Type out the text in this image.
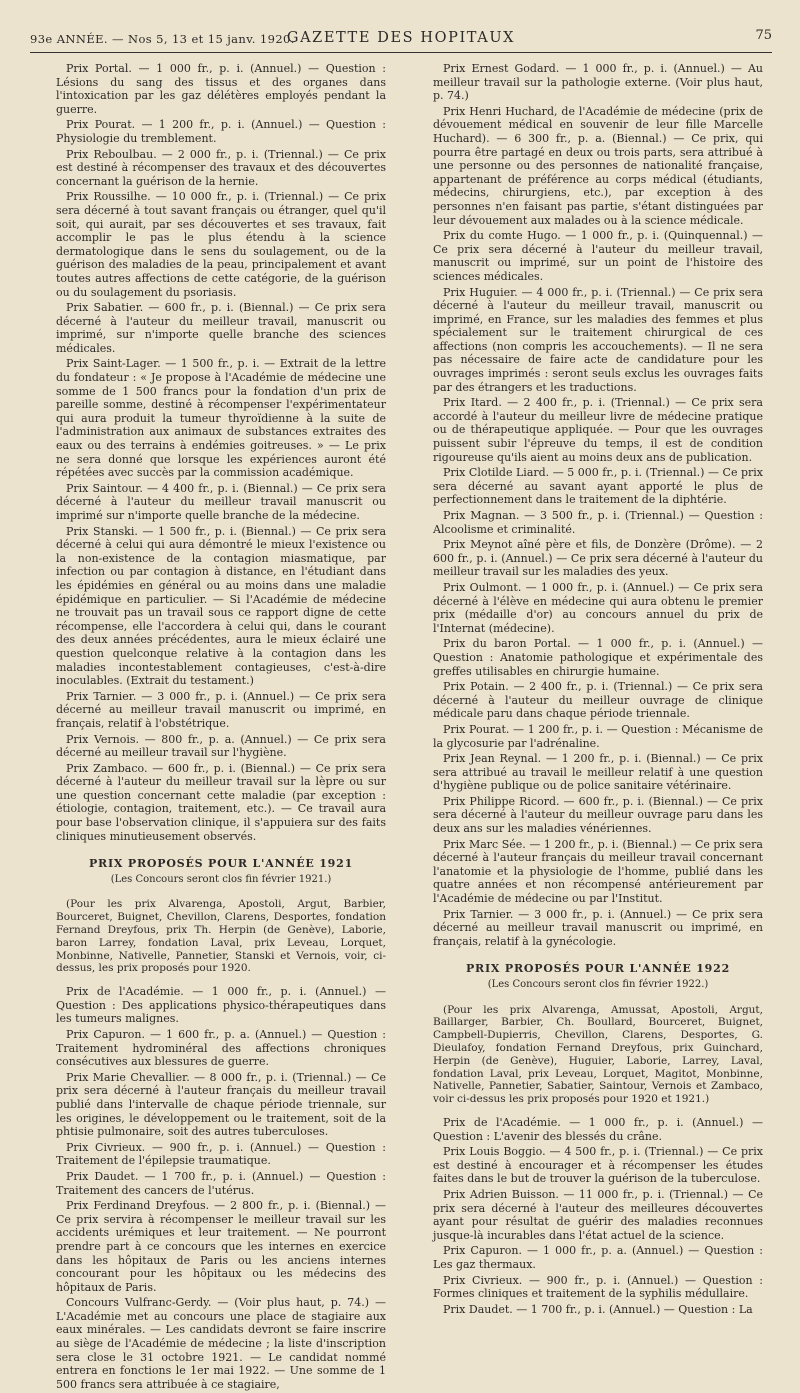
93e ANNÉE. — Nos 5, 13 et 15 janv. 1920.
GAZETTE DES HOPITAUX	75

Prix Portal. — 1 000 fr., p. i. (Annuel.) — Question : Lésions du sang des tissus et des organes dans l'intoxication par les gaz délétères employés pendant la guerre.

Prix Pourat. — 1 200 fr., p. i. (Annuel.) — Question : Physiologie du tremblement.

Prix Reboulbau. — 2 000 fr., p. i. (Triennal.) — Ce prix est destiné à récompenser des travaux et des découvertes concernant la guérison de la hernie.

Prix Roussilhe. — 10 000 fr., p. i. (Triennal.) — Ce prix sera décerné à tout savant français ou étranger, quel qu'il soit, qui aurait, par ses découvertes et ses travaux, fait accomplir le pas le plus étendu à la science dermatologique dans le sens du soulagement, ou de la guérison des maladies de la peau, principalement et avant toutes autres affections de cette catégorie, de la guérison ou du soulagement du psoriasis.

Prix Sabatier. — 600 fr., p. i. (Biennal.) — Ce prix sera décerné à l'auteur du meilleur travail, manuscrit ou imprimé, sur n'importe quelle branche des sciences médicales.

Prix Saint-Lager. — 1 500 fr., p. i. — Extrait de la lettre du fondateur : « Je propose à l'Académie de médecine une somme de 1 500 francs pour la fondation d'un prix de pareille somme, destiné à récompenser l'expérimentateur qui aura produit la tumeur thyroïdienne à la suite de l'administration aux animaux de substances extraites des eaux ou des terrains à endémies goitreuses. » — Le prix ne sera donné que lorsque les expériences auront été répétées avec succès par la commission académique.

Prix Saintour. — 4 400 fr., p. i. (Biennal.) — Ce prix sera décerné à l'auteur du meilleur travail manuscrit ou imprimé sur n'importe quelle branche de la médecine.

Prix Stanski. — 1 500 fr., p. i. (Biennal.) — Ce prix sera décerné à celui qui aura démontré le mieux l'existence ou la non-existence de la contagion miasmatique, par infection ou par contagion à distance, en l'étudiant dans les épidémies en général ou au moins dans une maladie épidémique en particulier. — Si l'Académie de médecine ne trouvait pas un travail sous ce rapport digne de cette récompense, elle l'accordera à celui qui, dans le courant des deux années précédentes, aura le mieux éclairé une question quelconque relative à la contagion dans les maladies incontestablement contagieuses, c'est-à-dire inoculables. (Extrait du testament.)

Prix Tarnier. — 3 000 fr., p. i. (Annuel.) — Ce prix sera décerné au meilleur travail manuscrit ou imprimé, en français, relatif à l'obstétrique.

Prix Vernois. — 800 fr., p. a. (Annuel.) — Ce prix sera décerné au meilleur travail sur l'hygiène.

Prix Zambaco. — 600 fr., p. i. (Biennal.) — Ce prix sera décerné à l'auteur du meilleur travail sur la lèpre ou sur une question concernant cette maladie (par exception : étiologie, contagion, traitement, etc.). — Ce travail aura pour base l'observation clinique, il s'appuiera sur des faits cliniques minutieusement observés.

PRIX PROPOSÉS POUR L'ANNÉE 1921

(Les Concours seront clos fin février 1921.)

(Pour les prix Alvarenga, Apostoli, Argut, Barbier, Bourceret, Buignet, Chevillon, Clarens, Desportes, fondation Fernand Dreyfous, prix Th. Herpin (de Genève), Laborie, baron Larrey, fondation Laval, prix Leveau, Lorquet, Monbinne, Nativelle, Pannetier, Stanski et Vernois, voir, ci-dessus, les prix proposés pour 1920.

Prix de l'Académie. — 1 000 fr., p. i. (Annuel.) — Question : Des applications physico-thérapeutiques dans les tumeurs malignes.

Prix Capuron. — 1 600 fr., p. a. (Annuel.) — Question : Traitement hydrominéral des affections chroniques consécutives aux blessures de guerre.

Prix Marie Chevallier. — 8 000 fr., p. i. (Triennal.) — Ce prix sera décerné à l'auteur français du meilleur travail publié dans l'intervalle de chaque période triennale, sur les origines, le développement ou le traitement, soit de la phtisie pulmonaire, soit des autres tuberculoses.

Prix Civrieux. — 900 fr., p. i. (Annuel.) — Question : Traitement de l'épilepsie traumatique.

Prix Daudet. — 1 700 fr., p. i. (Annuel.) — Question : Traitement des cancers de l'utérus.

Prix Ferdinand Dreyfous. — 2 800 fr., p. i. (Biennal.) — Ce prix servira à récompenser le meilleur travail sur les accidents urémiques et leur traitement. — Ne pourront prendre part à ce concours que les internes en exercice dans les hôpitaux de Paris ou les anciens internes concourant pour les hôpitaux ou les médecins des hôpitaux de Paris.

Concours Vulfranc-Gerdy. — (Voir plus haut, p. 74.) — L'Académie met au concours une place de stagiaire aux eaux minérales. — Les candidats devront se faire inscrire au siège de l'Académie de médecine ; la liste d'inscription sera close le 31 octobre 1921. — Le candidat nommé entrera en fonctions le 1er mai 1922. — Une somme de 1 500 francs sera attribuée à ce stagiaire,

Prix Ernest Godard. — 1 000 fr., p. i. (Annuel.) — Au meilleur travail sur la pathologie externe. (Voir plus haut, p. 74.)

Prix Henri Huchard, de l'Académie de médecine (prix de dévouement médical en souvenir de leur fille Marcelle Huchard). — 6 300 fr., p. a. (Biennal.) — Ce prix, qui pourra être partagé en deux ou trois parts, sera attribué à une personne ou des personnes de nationalité française, appartenant de préférence au corps médical (étudiants, médecins, chirurgiens, etc.), par exception à des personnes n'en faisant pas partie, s'étant distinguées par leur dévouement aux malades ou à la science médicale.

Prix du comte Hugo. — 1 000 fr., p. i. (Quinquennal.) — Ce prix sera décerné à l'auteur du meilleur travail, manuscrit ou imprimé, sur un point de l'histoire des sciences médicales.

Prix Huguier. — 4 000 fr., p. i. (Triennal.) — Ce prix sera décerné à l'auteur du meilleur travail, manuscrit ou imprimé, en France, sur les maladies des femmes et plus spécialement sur le traitement chirurgical de ces affections (non compris les accouchements). — Il ne sera pas nécessaire de faire acte de candidature pour les ouvrages imprimés : seront seuls exclus les ouvrages faits par des étrangers et les traductions.

Prix Itard. — 2 400 fr., p. i. (Triennal.) — Ce prix sera accordé à l'auteur du meilleur livre de médecine pratique ou de thérapeutique appliquée. — Pour que les ouvrages puissent subir l'épreuve du temps, il est de condition rigoureuse qu'ils aient au moins deux ans de publication.

Prix Clotilde Liard. — 5 000 fr., p. i. (Triennal.) — Ce prix sera décerné au savant ayant apporté le plus de perfectionnement dans le traitement de la diphtérie.

Prix Magnan. — 3 500 fr., p. i. (Triennal.) — Question : Alcoolisme et criminalité.

Prix Meynot aîné père et fils, de Donzère (Drôme). — 2 600 fr., p. i. (Annuel.) — Ce prix sera décerné à l'auteur du meilleur travail sur les maladies des yeux.

Prix Oulmont. — 1 000 fr., p. i. (Annuel.) — Ce prix sera décerné à l'élève en médecine qui aura obtenu le premier prix (médaille d'or) au concours annuel du prix de l'Internat (médecine).

Prix du baron Portal. — 1 000 fr., p. i. (Annuel.) — Question : Anatomie pathologique et expérimentale des greffes utilisables en chirurgie humaine.

Prix Potain. — 2 400 fr., p. i. (Triennal.) — Ce prix sera décerné à l'auteur du meilleur ouvrage de clinique médicale paru dans chaque période triennale.

Prix Pourat. — 1 200 fr., p. i. — Question : Mécanisme de la glycosurie par l'adrénaline.

Prix Jean Reynal. — 1 200 fr., p. i. (Biennal.) — Ce prix sera attribué au travail le meilleur relatif à une question d'hygiène publique ou de police sanitaire vétérinaire.

Prix Philippe Ricord. — 600 fr., p. i. (Biennal.) — Ce prix sera décerné à l'auteur du meilleur ouvrage paru dans les deux ans sur les maladies vénériennes.

Prix Marc Sée. — 1 200 fr., p. i. (Biennal.) — Ce prix sera décerné à l'auteur français du meilleur travail concernant l'anatomie et la physiologie de l'homme, publié dans les quatre années et non récompensé antérieurement par l'Académie de médecine ou par l'Institut.

Prix Tarnier. — 3 000 fr., p. i. (Annuel.) — Ce prix sera décerné au meilleur travail manuscrit ou imprimé, en français, relatif à la gynécologie.

PRIX PROPOSÉS POUR L'ANNÉE 1922

(Les Concours seront clos fin février 1922.)

(Pour les prix Alvarenga, Amussat, Apostoli, Argut, Baillarger, Barbier, Ch. Boullard, Bourceret, Buignet, Campbell-Dupierris, Chevillon, Clarens, Desportes, G. Dieulafoy, fondation Fernand Dreyfous, prix Guinchard, Herpin (de Genève), Huguier, Laborie, Larrey, Laval, fondation Laval, prix Leveau, Lorquet, Magitot, Monbinne, Nativelle, Pannetier, Sabatier, Saintour, Vernois et Zambaco, voir ci-dessus les prix proposés pour 1920 et 1921.)

Prix de l'Académie. — 1 000 fr., p. i. (Annuel.) — Question : L'avenir des blessés du crâne.

Prix Louis Boggio. — 4 500 fr., p. i. (Triennal.) — Ce prix est destiné à encourager et à récompenser les études faites dans le but de trouver la guérison de la tuberculose.

Prix Adrien Buisson. — 11 000 fr., p. i. (Triennal.) — Ce prix sera décerné à l'auteur des meilleures découvertes ayant pour résultat de guérir des maladies reconnues jusque-là incurables dans l'état actuel de la science.

Prix Capuron. — 1 000 fr., p. a. (Annuel.) — Question : Les gaz thermaux.

Prix Civrieux. — 900 fr., p. i. (Annuel.) — Question : Formes cliniques et traitement de la syphilis médullaire.

Prix Daudet. — 1 700 fr., p. i. (Annuel.) — Question : La
